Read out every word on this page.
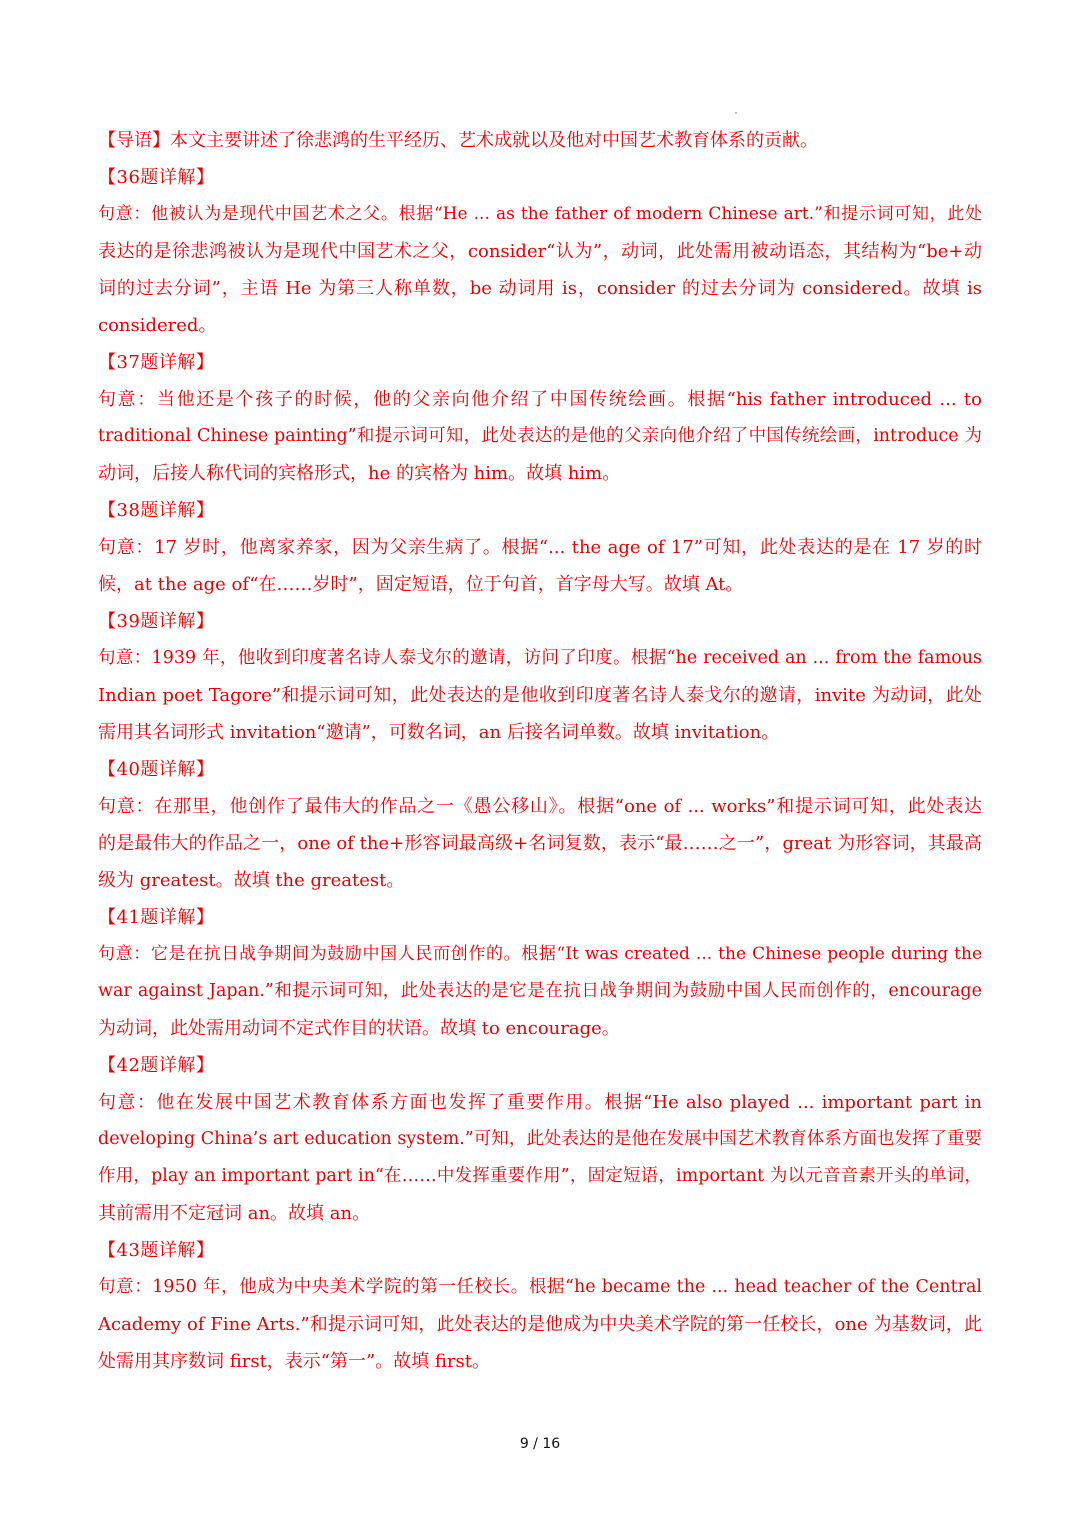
【导语】本文主要讲述了徐悲鸿的生平经历、艺术成就以及他对中国艺术教育体系的贡献。
【36题详解】
句意：他被认为是现代中国艺术之父。根据“He ... as the father of modern Chinese art.”和提示词可知，此处
表达的是徐悲鸿被认为是现代中国艺术之父，consider“认为”，动词，此处需用被动语态，其结构为“be+动
词的过去分词”，主语 He 为第三人称单数，be 动词用 is，consider 的过去分词为 considered。故填 is
considered。
【37题详解】
句意：当他还是个孩子的时候，他的父亲向他介绍了中国传统绘画。根据“his father introduced ... to
traditional Chinese painting”和提示词可知，此处表达的是他的父亲向他介绍了中国传统绘画，introduce 为
动词，后接人称代词的宾格形式，he 的宾格为 him。故填 him。
【38题详解】
句意：17 岁时，他离家养家，因为父亲生病了。根据“... the age of 17”可知，此处表达的是在 17 岁的时
候，at the age of“在……岁时”，固定短语，位于句首，首字母大写。故填 At。
【39题详解】
句意：1939 年，他收到印度著名诗人泰戈尔的邀请，访问了印度。根据“he received an ... from the famous
Indian poet Tagore”和提示词可知，此处表达的是他收到印度著名诗人泰戈尔的邀请，invite 为动词，此处
需用其名词形式 invitation“邀请”，可数名词，an 后接名词单数。故填 invitation。
【40题详解】
句意：在那里，他创作了最伟大的作品之一《愚公移山》。根据“one of ... works”和提示词可知，此处表达
的是最伟大的作品之一，one of the+形容词最高级+名词复数，表示“最……之一”，great 为形容词，其最高
级为 greatest。故填 the greatest。
【41题详解】
句意：它是在抗日战争期间为鼓励中国人民而创作的。根据“It was created ... the Chinese people during the
war against Japan.”和提示词可知，此处表达的是它是在抗日战争期间为鼓励中国人民而创作的，encourage
为动词，此处需用动词不定式作目的状语。故填 to encourage。
【42题详解】
句意：他在发展中国艺术教育体系方面也发挥了重要作用。根据“He also played ... important part in
developing China’s art education system.”可知，此处表达的是他在发展中国艺术教育体系方面也发挥了重要
作用，play an important part in“在……中发挥重要作用”，固定短语，important 为以元音音素开头的单词，
其前需用不定冠词 an。故填 an。
【43题详解】
句意：1950 年，他成为中央美术学院的第一任校长。根据“he became the ... head teacher of the Central
Academy of Fine Arts.”和提示词可知，此处表达的是他成为中央美术学院的第一任校长，one 为基数词，此
处需用其序数词 first，表示“第一”。故填 first。
9 / 16
